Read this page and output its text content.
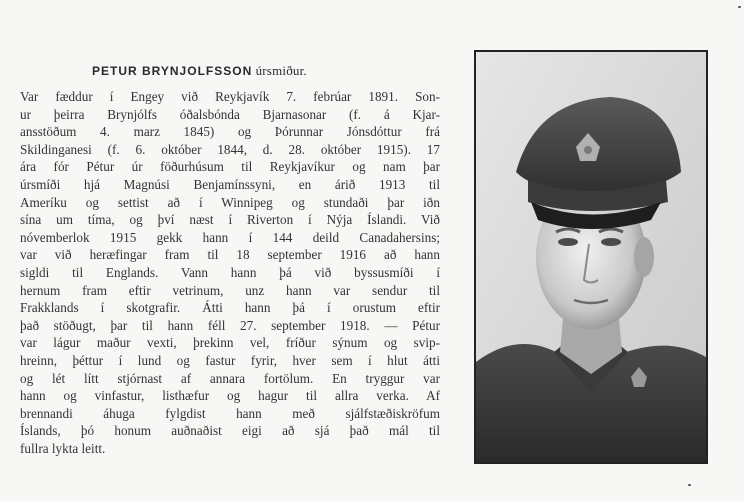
PETUR BRYNJOLFSSON úrsmiður.
Var fæddur í Engey við Reykjavík 7. febrúar 1891. Son-
ur þeirra Brynjólfs óðalsbónda Bjarnasonar (f. á Kjar-
ansstöðum 4. marz 1845) og Þórunnar Jónsdóttur frá
Skildinganesi (f. 6. október 1844, d. 28. október 1915). 17
ára fór Pétur úr föðurhúsum til Reykjavíkur og nam þar
úrsmíði hjá Magnúsi Benjamínssyni, en árið 1913 til
Ameríku og settist að í Winnipeg og stundaði þar iðn
sína um tíma, og því næst í Riverton í Nýja Íslandi. Við
nóvemberlok 1915 gekk hann í 144 deild Canadahersins;
var við heræfingar fram til 18 september 1916 að hann
sigldi til Englands. Vann hann þá við byssusmíði í
hernum fram eftir vetrinum, unz hann var sendur til
Frakklands í skotgrafir. Átti hann þá í orustum eftir
það stöðugt, þar til hann féll 27. september 1918. — Pétur
var lágur maður vexti, þrekinn vel, fríður sýnum og svip-
hreinn, þéttur í lund og fastur fyrir, hver sem í hlut átti
og lét lítt stjórnast af annara fortölum. En tryggur var
hann og vinfastur, listhæfur og hagur til allra verka. Af
brennandi áhuga fylgdist hann með sjálfstæðiskröfum
Íslands, þó honum auðnaðist eigi að sjá það mál til
fullra lykta leitt.
